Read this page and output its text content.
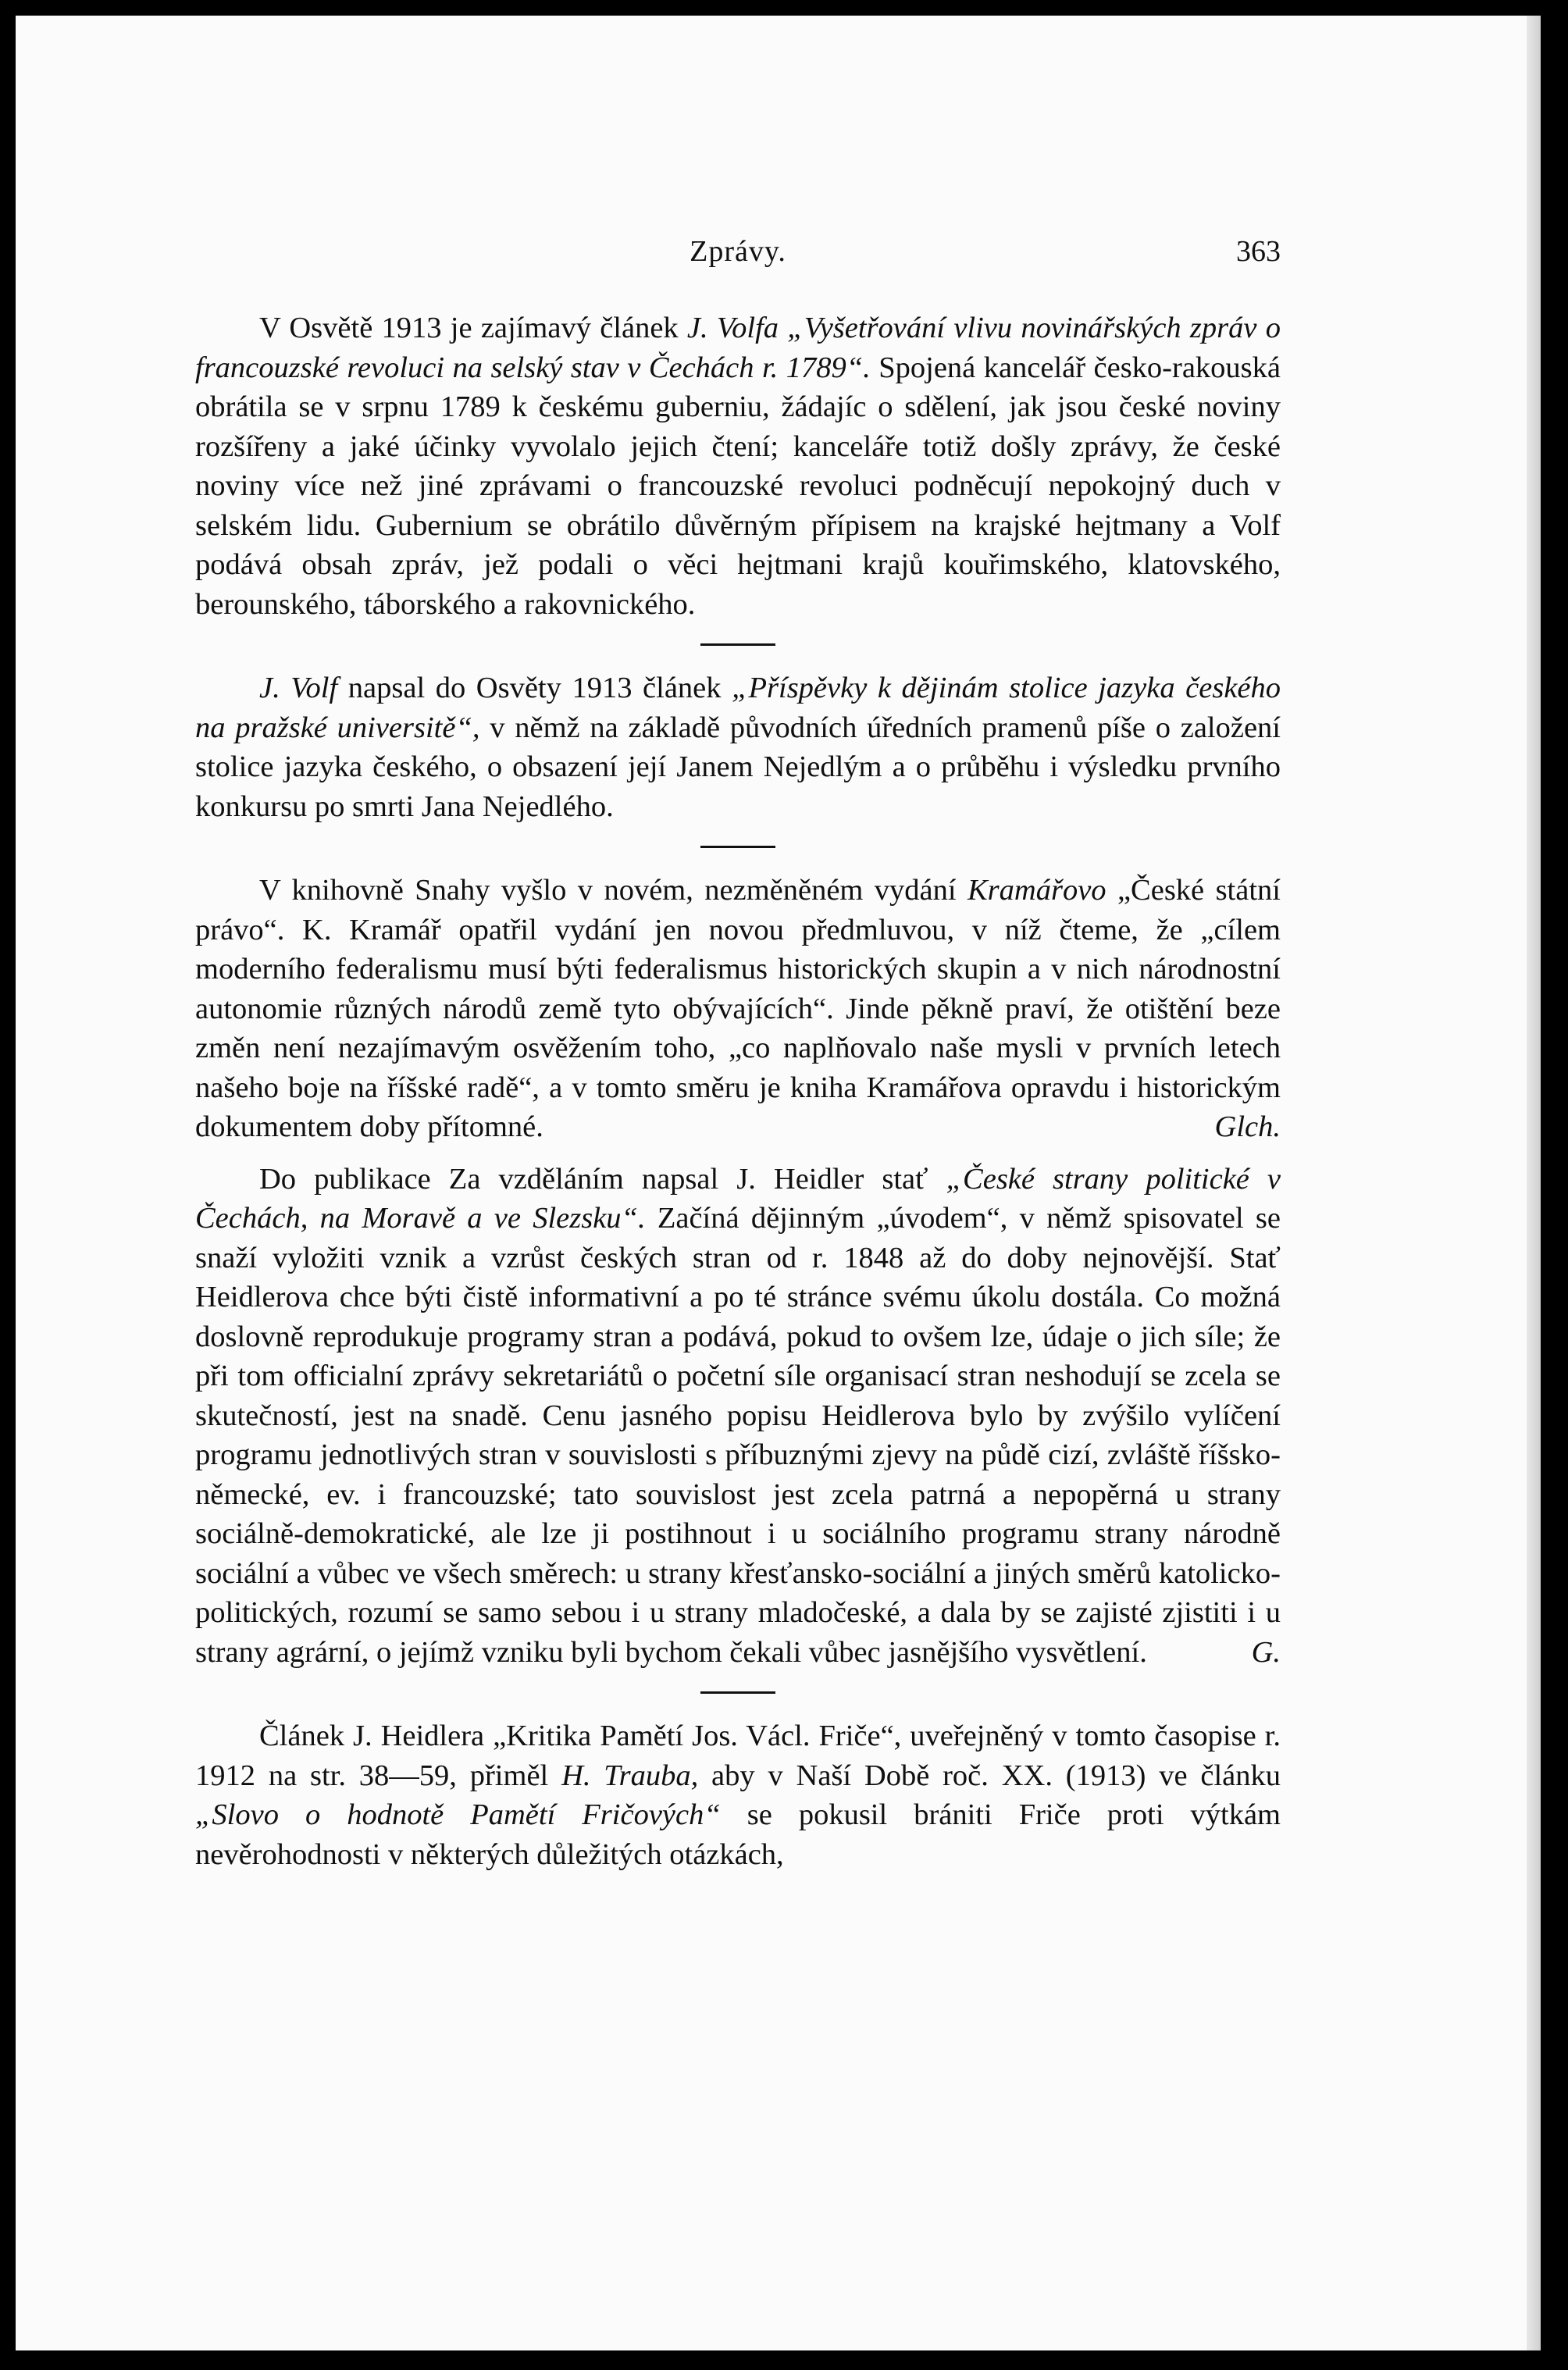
Zprávy.	363

V Osvětě 1913 je zajímavý článek J. Volfa „Vyšetřování vlivu novinářských zpráv o francouzské revoluci na selský stav v Čechách r. 1789“. Spojená kancelář česko-rakouská obrátila se v srpnu 1789 k českému guberniu, žádajíc o sdělení, jak jsou české noviny rozšířeny a jaké účinky vyvolalo jejich čtení; kanceláře totiž došly zprávy, že české noviny více než jiné zprávami o francouzské revoluci podněcují nepokojný duch v selském lidu. Gubernium se obrátilo důvěrným přípisem na krajské hejtmany a Volf podává obsah zpráv, jež podali o věci hejtmani krajů kouřimského, klatovského, berounského, táborského a rakovnického.

J. Volf napsal do Osvěty 1913 článek „Příspěvky k dějinám stolice jazyka českého na pražské universitě“, v němž na základě původních úředních pramenů píše o založení stolice jazyka českého, o obsazení její Janem Nejedlým a o průběhu i výsledku prvního konkursu po smrti Jana Nejedlého.

V knihovně Snahy vyšlo v novém, nezměněném vydání Kramářovo „České státní právo“. K. Kramář opatřil vydání jen novou předmluvou, v níž čteme, že „cílem moderního federalismu musí býti federalismus historických skupin a v nich národnostní autonomie různých národů země tyto obývajících“. Jinde pěkně praví, že otištění beze změn není nezajímavým osvěžením toho, „co naplňovalo naše mysli v prvních letech našeho boje na říšské radě“, a v tomto směru je kniha Kramářova opravdu i historickým dokumentem doby přítomné.	Glch.

Do publikace Za vzděláním napsal J. Heidler stať „České strany politické v Čechách, na Moravě a ve Slezsku“. Začíná dějinným „úvodem“, v němž spisovatel se snaží vyložiti vznik a vzrůst českých stran od r. 1848 až do doby nejnovější. Stať Heidlerova chce býti čistě informativní a po té stránce svému úkolu dostála. Co možná doslovně reprodukuje programy stran a podává, pokud to ovšem lze, údaje o jich síle; že při tom officialní zprávy sekretariátů o početní síle organisací stran neshodují se zcela se skutečností, jest na snadě. Cenu jasného popisu Heidlerova bylo by zvýšilo vylíčení programu jednotlivých stran v souvislosti s příbuznými zjevy na půdě cizí, zvláště říšsko-německé, ev. i francouzské; tato souvislost jest zcela patrná a nepopěrná u strany sociálně-demokratické, ale lze ji postihnout i u sociálního programu strany národně sociální a vůbec ve všech směrech: u strany křesťansko-sociální a jiných směrů katolicko-politických, rozumí se samo sebou i u strany mladočeské, a dala by se zajisté zjistiti i u strany agrární, o jejímž vzniku byli bychom čekali vůbec jasnějšího vysvětlení.	G.

Článek J. Heidlera „Kritika Pamětí Jos. Václ. Friče“, uveřejněný v tomto časopise r. 1912 na str. 38—59, přiměl H. Trauba, aby v Naší Době roč. XX. (1913) ve článku „Slovo o hodnotě Pamětí Fričových“ se pokusil brániti Friče proti výtkám nevěrohodnosti v některých důležitých otázkách,
